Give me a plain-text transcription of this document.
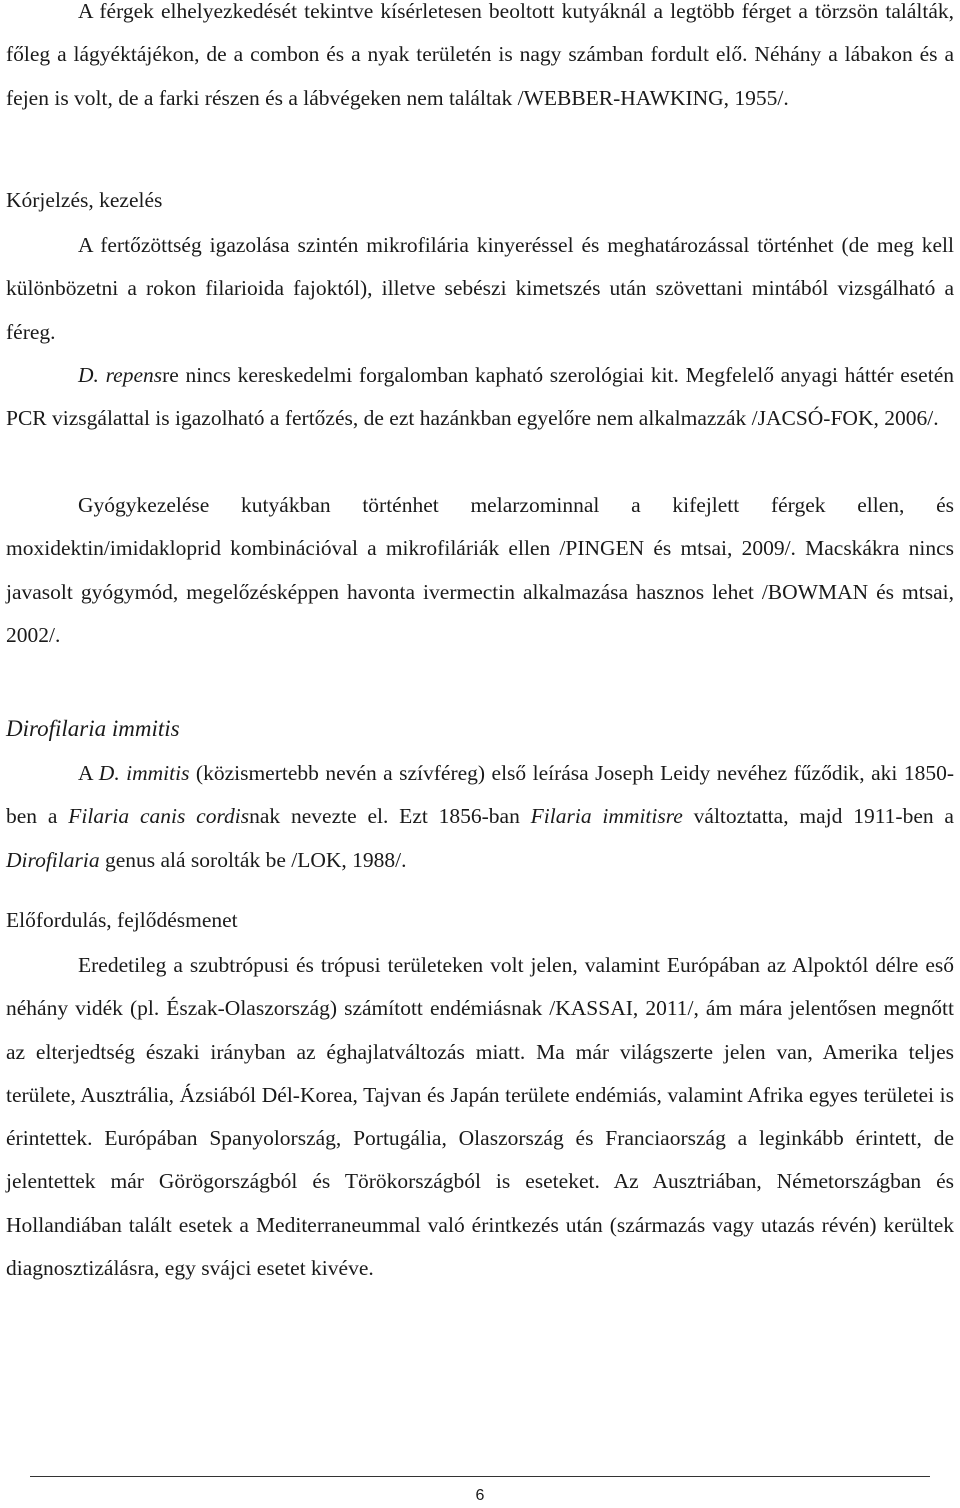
A férgek elhelyezkedését tekintve kísérletesen beoltott kutyáknál a legtöbb férget a törzsön találták, főleg a lágyéktájékon, de a combon és a nyak területén is nagy számban fordult elő. Néhány a lábakon és a fejen is volt, de a farki részen és a lábvégeken nem találtak /WEBBER-HAWKING, 1955/.

Kórjelzés, kezelés

A fertőzöttség igazolása szintén mikrofilária kinyeréssel és meghatározással történhet (de meg kell különbözetni a rokon filarioida fajoktól), illetve sebészi kimetszés után szövettani mintából vizsgálható a féreg.

D. repensre nincs kereskedelmi forgalomban kapható szerológiai kit. Megfelelő anyagi háttér esetén PCR vizsgálattal is igazolható a fertőzés, de ezt hazánkban egyelőre nem alkalmazzák /JACSÓ-FOK, 2006/.

Gyógykezelése kutyákban történhet melarzominnal a kifejlett férgek ellen, és moxidektin/imidakloprid kombinációval a mikrofiláriák ellen /PINGEN és mtsai, 2009/. Macskákra nincs javasolt gyógymód, megelőzésképpen havonta ivermectin alkalmazása hasznos lehet /BOWMAN és mtsai, 2002/.

Dirofilaria immitis

A D. immitis (közismertebb nevén a szívféreg) első leírása Joseph Leidy nevéhez fűződik, aki 1850-ben a Filaria canis cordisnak nevezte el. Ezt 1856-ban Filaria immitisre változtatta, majd 1911-ben a Dirofilaria genus alá sorolták be /LOK, 1988/.

Előfordulás, fejlődésmenet

Eredetileg a szubtrópusi és trópusi területeken volt jelen, valamint Európában az Alpoktól délre eső néhány vidék (pl. Észak-Olaszország) számított endémiásnak /KASSAI, 2011/, ám mára jelentősen megnőtt az elterjedtség északi irányban az éghajlatváltozás miatt. Ma már világszerte jelen van, Amerika teljes területe, Ausztrália, Ázsiából Dél-Korea, Tajvan és Japán területe endémiás, valamint Afrika egyes területei is érintettek. Európában Spanyolország, Portugália, Olaszország és Franciaország a leginkább érintett, de jelentettek már Görögországból és Törökországból is eseteket. Az Ausztriában, Németországban és Hollandiában talált esetek a Mediterraneummal való érintkezés után (származás vagy utazás révén) kerültek diagnosztizálásra, egy svájci esetet kivéve.

6
